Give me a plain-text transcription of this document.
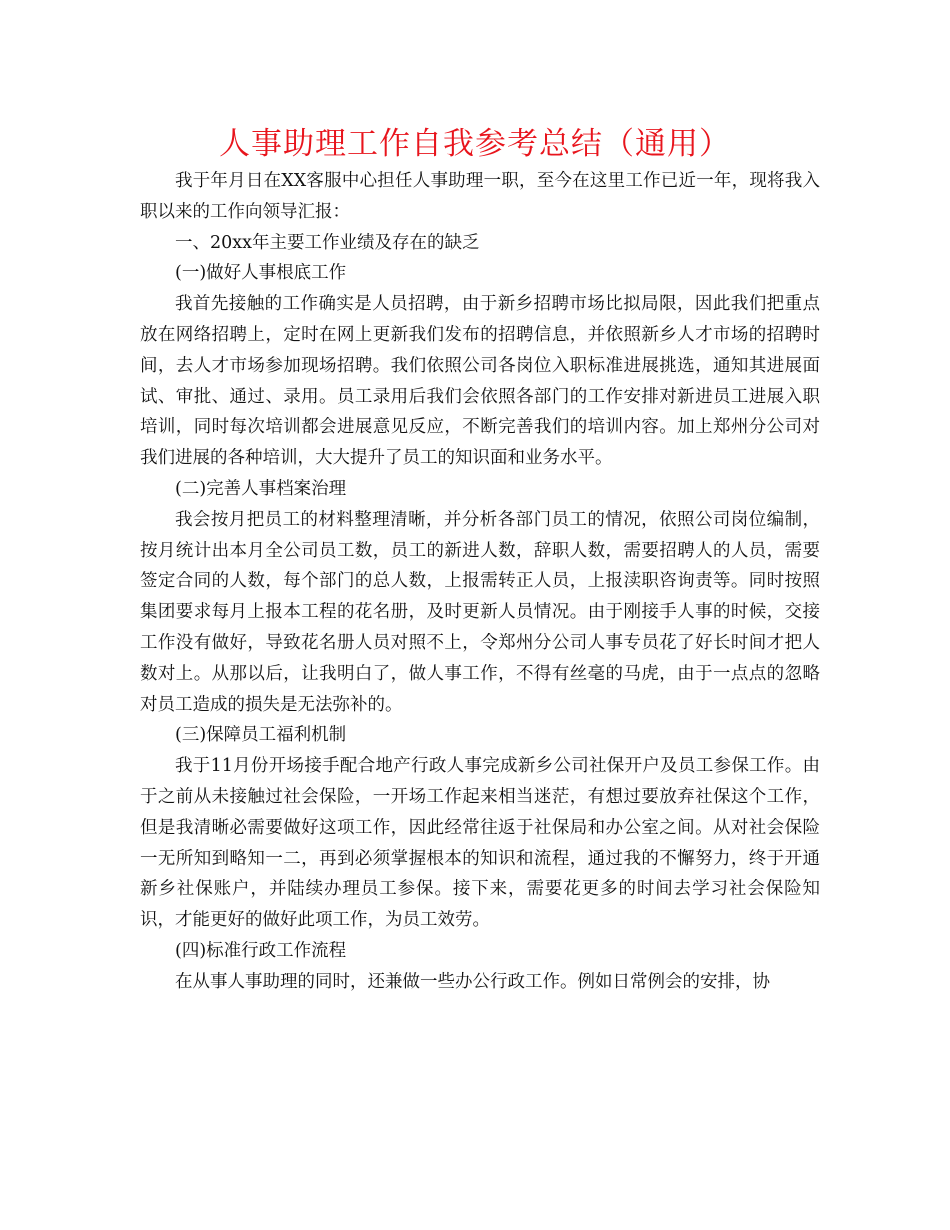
人事助理工作自我参考总结（通用）

我于年月日在XX客服中心担任人事助理一职，至今在这里工作已近一年，现将我入职以来的工作向领导汇报：

一、20xx年主要工作业绩及存在的缺乏

(一)做好人事根底工作

我首先接触的工作确实是人员招聘，由于新乡招聘市场比拟局限，因此我们把重点放在网络招聘上，定时在网上更新我们发布的招聘信息，并依照新乡人才市场的招聘时间，去人才市场参加现场招聘。我们依照公司各岗位入职标准进展挑选，通知其进展面试、审批、通过、录用。员工录用后我们会依照各部门的工作安排对新进员工进展入职培训，同时每次培训都会进展意见反应，不断完善我们的培训内容。加上郑州分公司对我们进展的各种培训，大大提升了员工的知识面和业务水平。

(二)完善人事档案治理

我会按月把员工的材料整理清晰，并分析各部门员工的情况，依照公司岗位编制，按月统计出本月全公司员工数，员工的新进人数，辞职人数，需要招聘人的人员，需要签定合同的人数，每个部门的总人数，上报需转正人员，上报渎职咨询责等。同时按照集团要求每月上报本工程的花名册，及时更新人员情况。由于刚接手人事的时候，交接工作没有做好，导致花名册人员对照不上，令郑州分公司人事专员花了好长时间才把人数对上。从那以后，让我明白了，做人事工作，不得有丝毫的马虎，由于一点点的忽略对员工造成的损失是无法弥补的。

(三)保障员工福利机制

我于11月份开场接手配合地产行政人事完成新乡公司社保开户及员工参保工作。由于之前从未接触过社会保险，一开场工作起来相当迷茫，有想过要放弃社保这个工作，但是我清晰必需要做好这项工作，因此经常往返于社保局和办公室之间。从对社会保险一无所知到略知一二，再到必须掌握根本的知识和流程，通过我的不懈努力，终于开通新乡社保账户，并陆续办理员工参保。接下来，需要花更多的时间去学习社会保险知识，才能更好的做好此项工作，为员工效劳。

(四)标准行政工作流程

在从事人事助理的同时，还兼做一些办公行政工作。例如日常例会的安排，协
